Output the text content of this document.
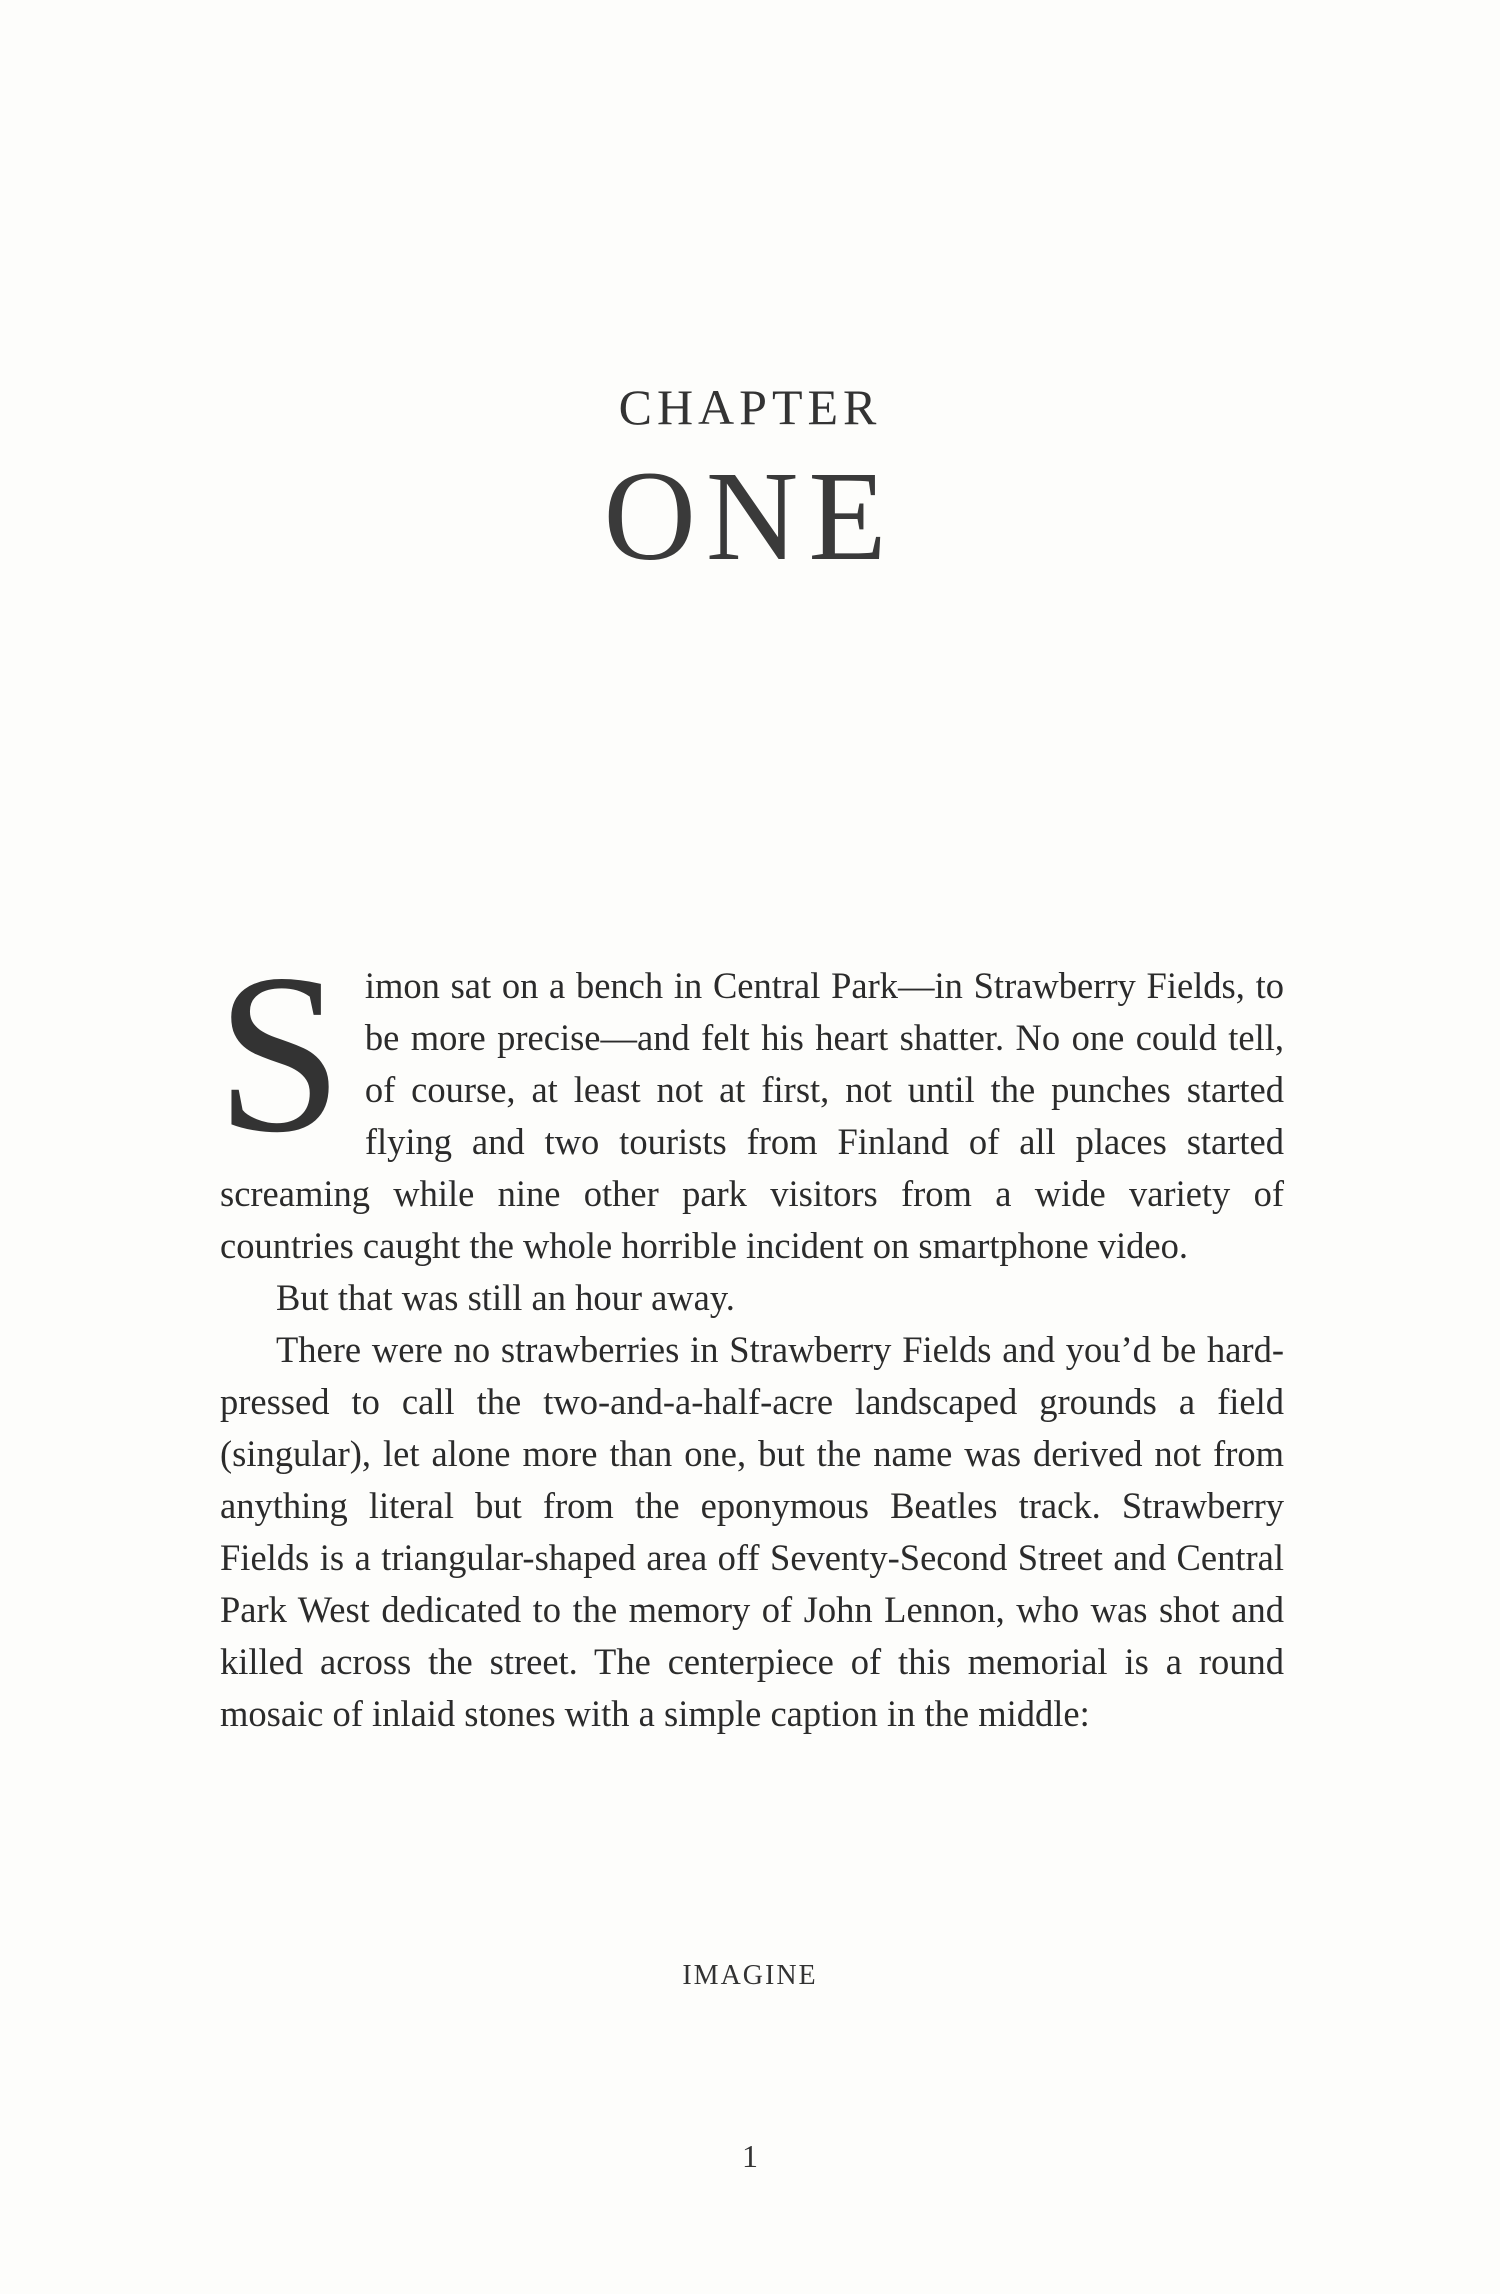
CHAPTER
ONE

Simon sat on a bench in Central Park—in Strawberry Fields, to be more precise—and felt his heart shatter. No one could tell, of course, at least not at first, not until the punches started flying and two tourists from Finland of all places started screaming while nine other park visitors from a wide variety of countries caught the whole horrible incident on smartphone video.

But that was still an hour away.

There were no strawberries in Strawberry Fields and you’d be hard-pressed to call the two-and-a-half-acre landscaped grounds a field (singular), let alone more than one, but the name was derived not from anything literal but from the eponymous Beatles track. Strawberry Fields is a triangular-shaped area off Seventy-Second Street and Central Park West dedicated to the memory of John Lennon, who was shot and killed across the street. The centerpiece of this memorial is a round mosaic of inlaid stones with a simple caption in the middle:

IMAGINE
1
